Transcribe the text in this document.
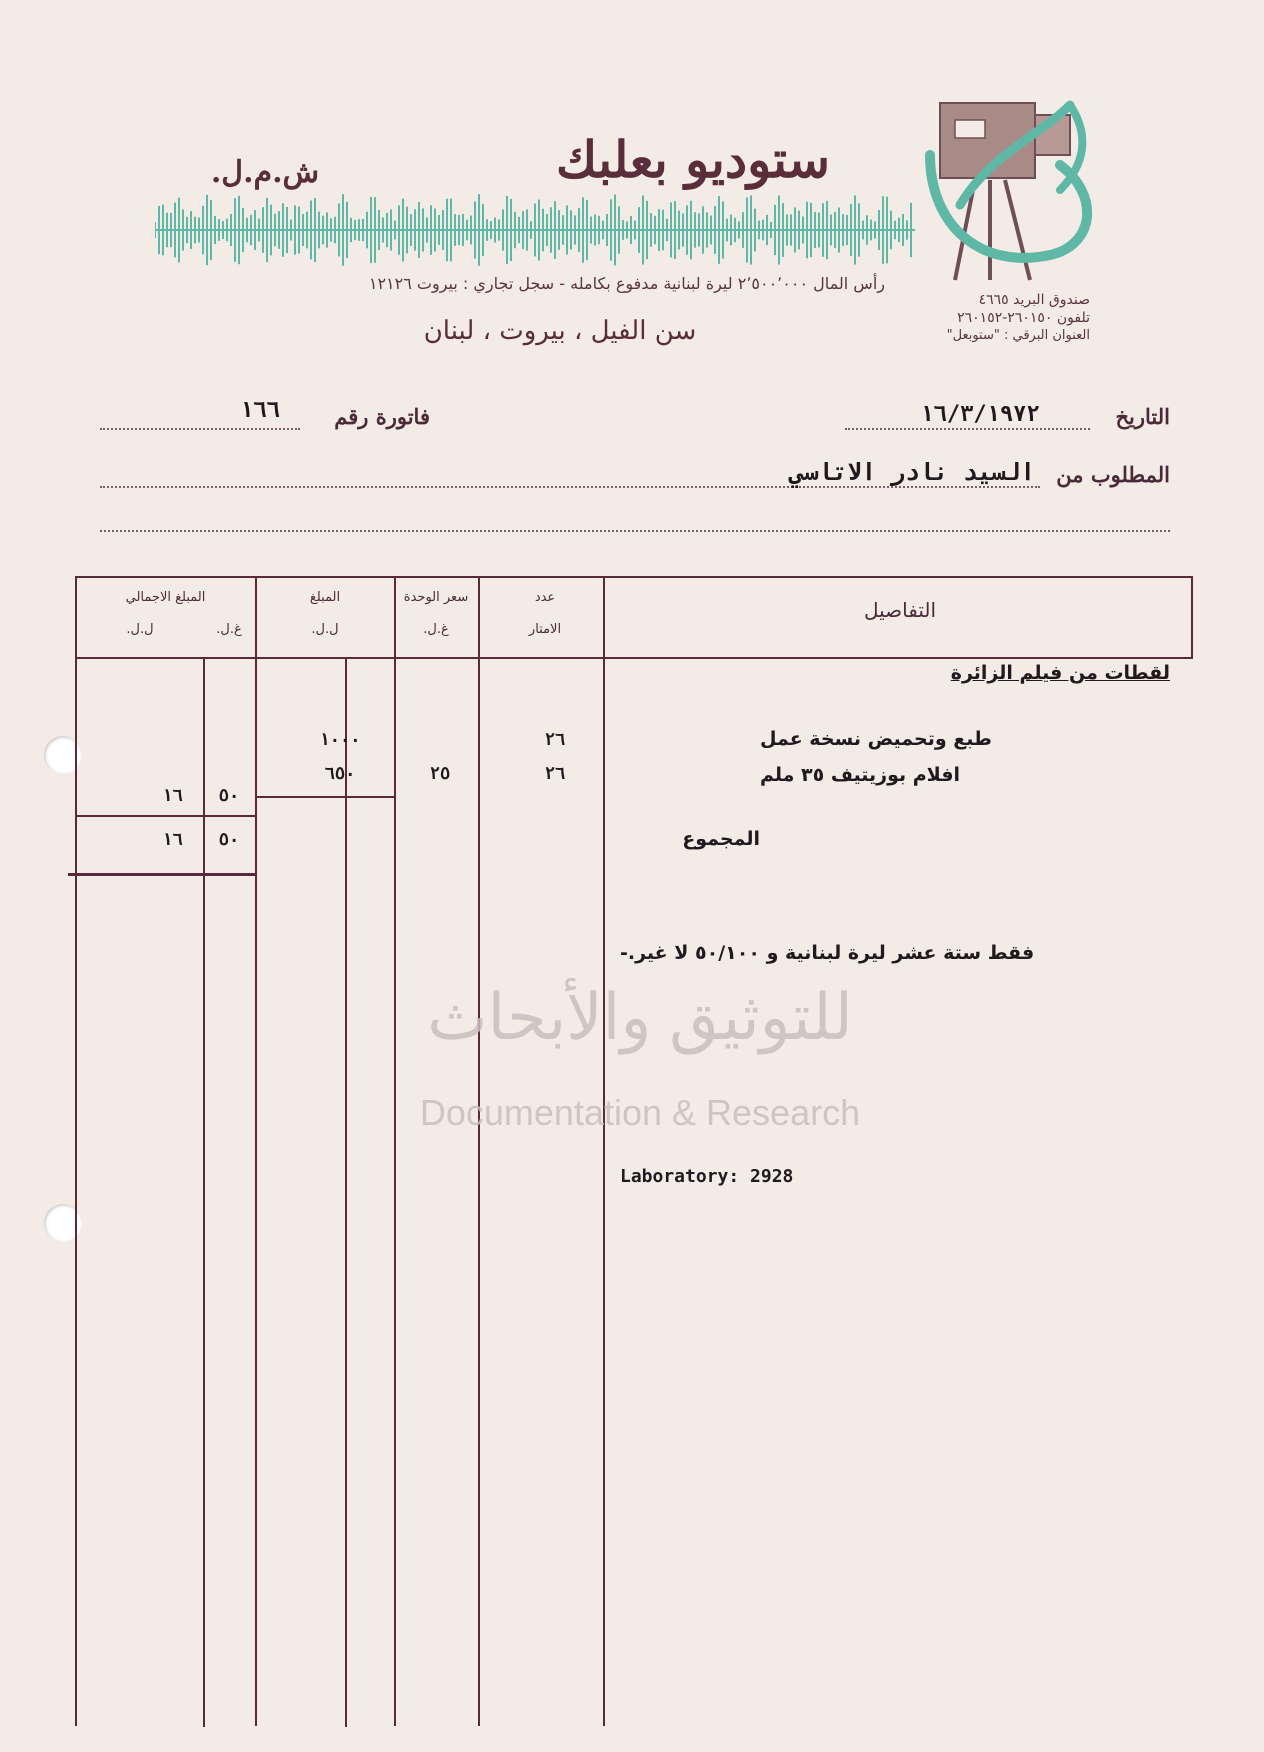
ستوديو بعلبك
ش.م.ل.
رأس المال ٢٬٥٠٠٬٠٠٠ ليرة لبنانية مدفوع بكامله - سجل تجاري : بيروت ١٢١٢٦
سن الفيل ، بيروت ، لبنان
صندوق البريد ٤٦٦٥
تلفون ٢٦٠١٥٠-٢٦٠١٥٢
العنوان البرقي : "ستوبعل"
التاريخ
١٦/٣/١٩٧٢
فاتورة رقم
١٦٦
المطلوب من
السيد نادر الاتاسي
التفاصيل
عدد
الامتار
سعر الوحدة
غ.ل.
المبلغ
ل.ل.
المبلغ الاجمالي
غ.ل.
ل.ل.
لقطات من فيلم الزائرة
طبع وتحميض نسخة عمل
٢٦
١٠٠٠
افلام بوزيتيف ٣٥ ملم
٢٦
٢٥
٦٥٠
١٦	٥٠
المجموع
١٦	٥٠
فقط ستة عشر ليرة لبنانية و ٥٠/١٠٠ لا غير.-
Laboratory: 2928
للتوثيق والأبحاث
Documentation & Research
